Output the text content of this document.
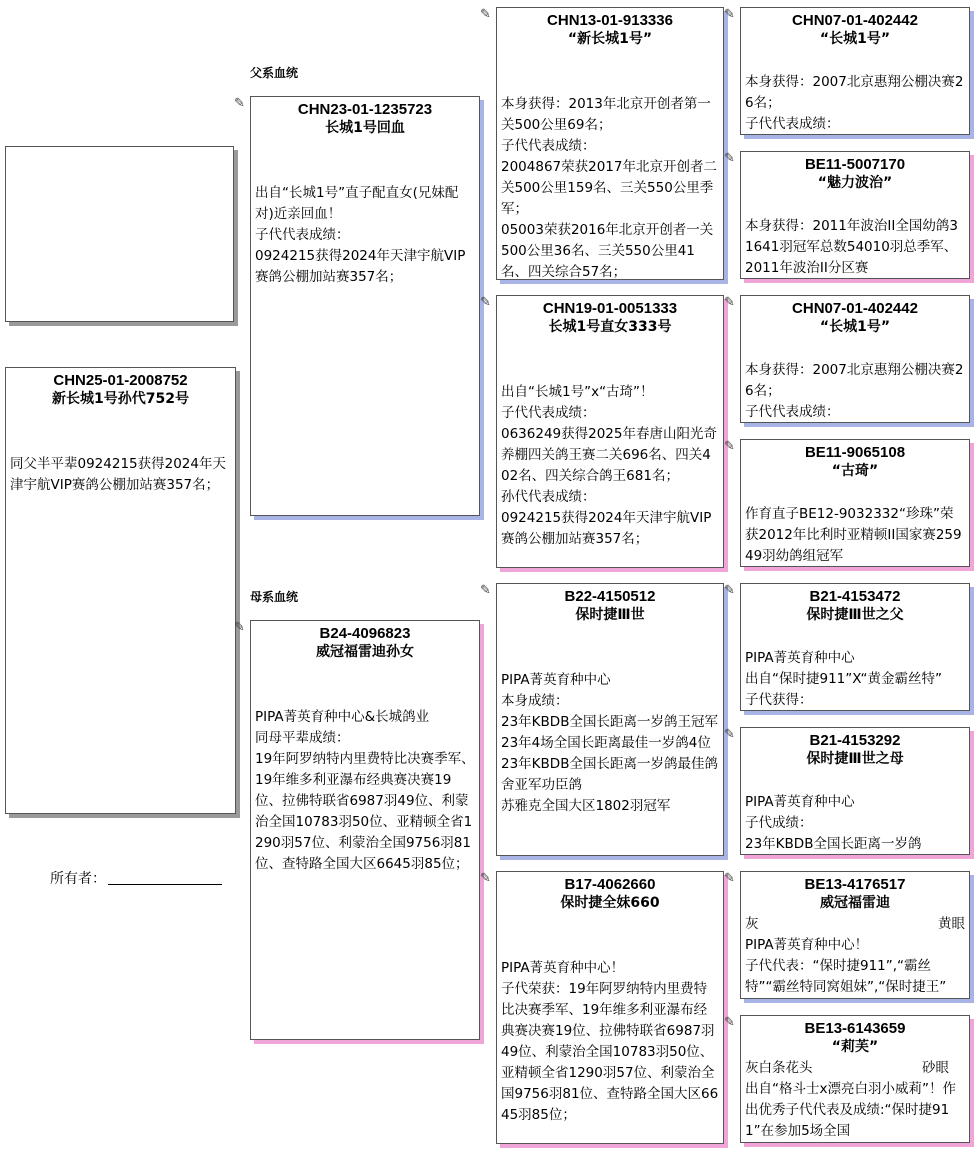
父系血统
母系血统
CHN25-01-2008752
新长城1号孙代752号
同父半平辈0924215获得2024年天津宇航VIP赛鸽公棚加站赛357名；
所有者：
✎	CHN23-01-1235723
长城1号回血
出自“长城1号”直子配直女(兄妹配对)近亲回血！
子代代表成绩：
0924215获得2024年天津宇航VIP赛鸽公棚加站赛357名；
✎	B24-4096823
威冠福雷迪孙女
PIPA菁英育种中心&长城鸽业
同母平辈成绩：
19年阿罗纳特内里费特比决赛季军、19年维多利亚瀑布经典赛决赛19位、拉佛特联省6987羽49位、利蒙治全国10783羽50位、亚精顿全省1290羽57位、利蒙治全国9756羽81位、查特路全国大区6645羽85位；
✎	CHN13-01-913336
“新长城1号”
本身获得：2013年北京开创者第一关500公里69名；
子代代表成绩：
2004867荣获2017年北京开创者二关500公里159名、三关550公里季军；
05003荣获2016年北京开创者一关500公里36名、三关550公里41名、四关综合57名；
✎	CHN19-01-0051333
长城1号直女333号
出自“长城1号”x“古琦”！
子代代表成绩：
0636249获得2025年春唐山阳光奇养棚四关鸽王赛二关696名、四关402名、四关综合鸽王681名；
孙代代表成绩：
0924215获得2024年天津宇航VIP赛鸽公棚加站赛357名；
✎	B22-4150512
保时捷Ⅲ世
PIPA菁英育种中心
本身成绩：
23年KBDB全国长距离一岁鸽王冠军
23年4场全国长距离最佳一岁鸽4位
23年KBDB全国长距离一岁鸽最佳鸽舍亚军功臣鸽
苏雅克全国大区1802羽冠军
✎	B17-4062660
保时捷全妹660
PIPA菁英育种中心！
子代荣获：19年阿罗纳特内里费特比决赛季军、19年维多利亚瀑布经典赛决赛19位、拉佛特联省6987羽49位、利蒙治全国10783羽50位、亚精顿全省1290羽57位、利蒙治全国9756羽81位、查特路全国大区6645羽85位；
✎	CHN07-01-402442
“长城1号”
本身获得：2007北京惠翔公棚决赛26名；
子代代表成绩：
✎	BE11-5007170
“魅力波治”
本身获得：2011年波治II全国幼鸽31641羽冠军总数54010羽总季军、2011年波治II分区赛
✎	CHN07-01-402442
“长城1号”
本身获得：2007北京惠翔公棚决赛26名；
子代代表成绩：
✎	BE11-9065108
“古琦”
作育直子BE12-9032332“珍珠”荣获2012年比利时亚精顿II国家赛25949羽幼鸽组冠军
✎	B21-4153472
保时捷Ⅲ世之父
PIPA菁英育种中心
出自“保时捷911”X“黄金霸丝特”
子代获得：
✎	B21-4153292
保时捷Ⅲ世之母
PIPA菁英育种中心
子代成绩：
23年KBDB全国长距离一岁鸽
✎	BE13-4176517
威冠福雷迪
灰	黄眼
PIPA菁英育种中心！
子代代表：“保时捷911”,“霸丝特”“霸丝特同窝姐妹”,“保时捷王”
✎	BE13-6143659
“莉芙”
灰白条花头	砂眼
出自“格斗士x漂亮白羽小威莉”！作出优秀子代代表及成绩:“保时捷911”在参加5场全国
